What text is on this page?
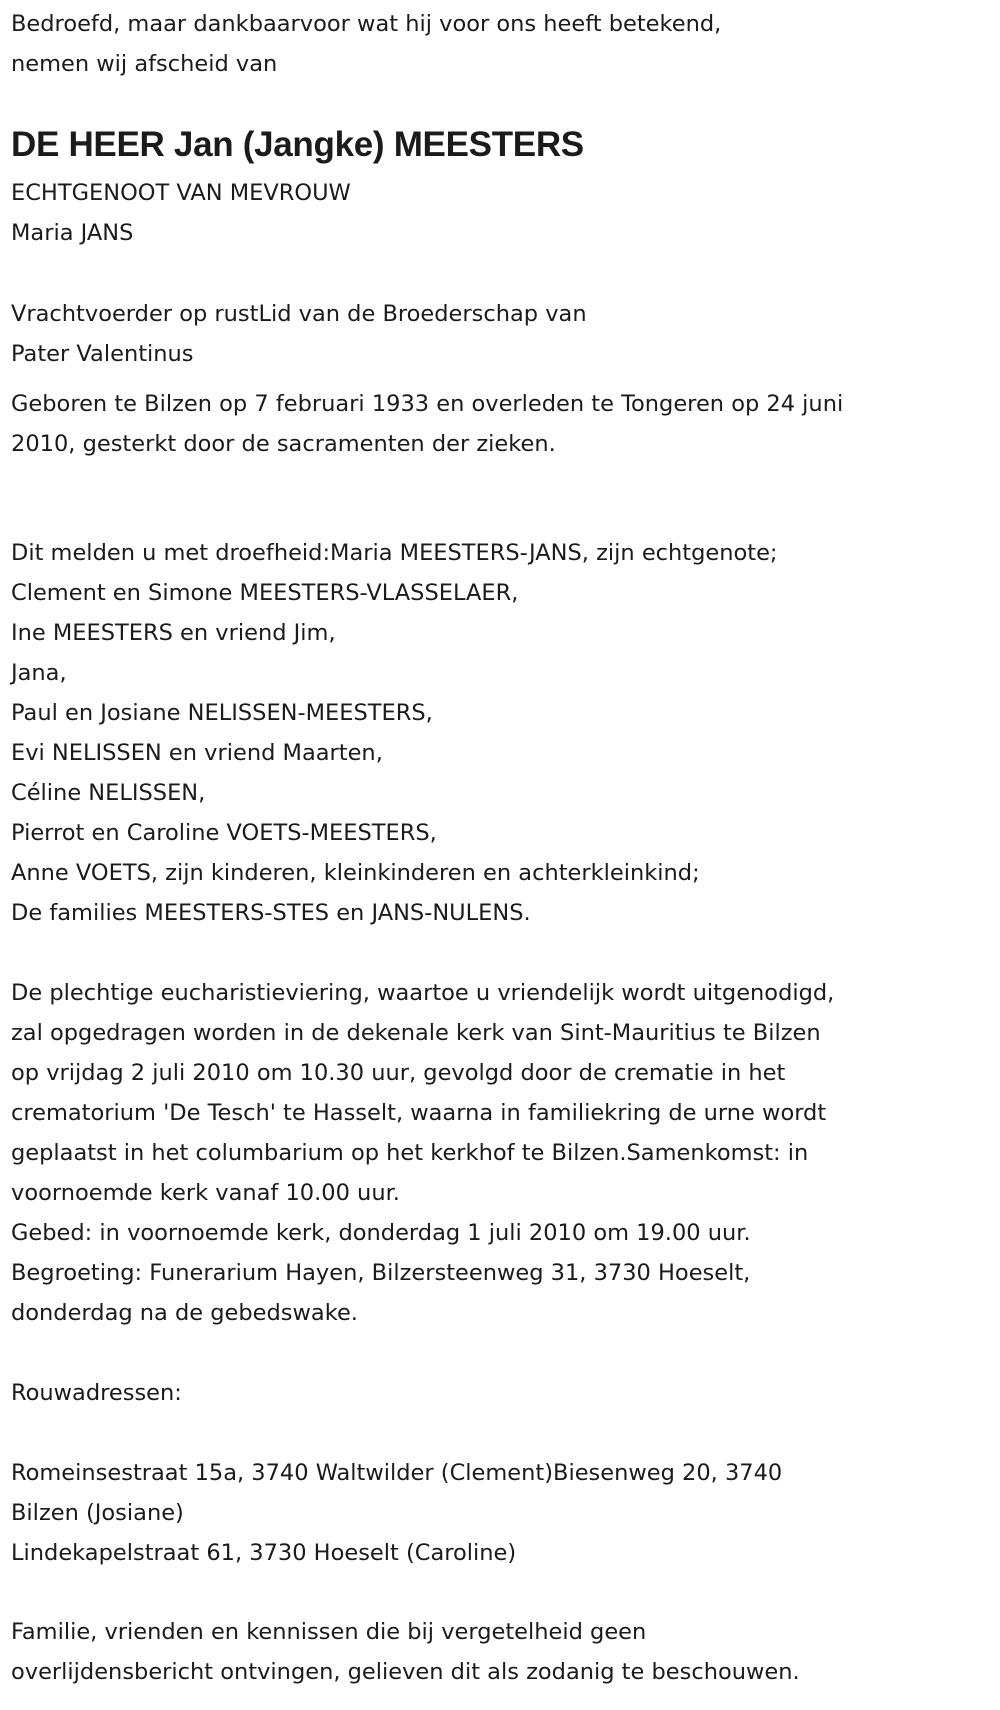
Bedroefd, maar dankbaarvoor wat hij voor ons heeft betekend,
nemen wij afscheid van
DE HEER Jan (Jangke) MEESTERS
ECHTGENOOT VAN MEVROUW
Maria JANS
Vrachtvoerder op rustLid van de Broederschap van
Pater Valentinus
Geboren te Bilzen op 7 februari 1933 en overleden te Tongeren op 24 juni
2010, gesterkt door de sacramenten der zieken.
Dit melden u met droefheid:Maria MEESTERS-JANS, zijn echtgenote;
Clement en Simone MEESTERS-VLASSELAER,
Ine MEESTERS en vriend Jim,
Jana,
Paul en Josiane NELISSEN-MEESTERS,
Evi NELISSEN en vriend Maarten,
Céline NELISSEN,
Pierrot en Caroline VOETS-MEESTERS,
Anne VOETS, zijn kinderen, kleinkinderen en achterkleinkind;
De families MEESTERS-STES en JANS-NULENS.
De plechtige eucharistieviering, waartoe u vriendelijk wordt uitgenodigd,
zal opgedragen worden in de dekenale kerk van Sint-Mauritius te Bilzen
op vrijdag 2 juli 2010 om 10.30 uur, gevolgd door de crematie in het
crematorium 'De Tesch' te Hasselt, waarna in familiekring de urne wordt
geplaatst in het columbarium op het kerkhof te Bilzen.Samenkomst: in
voornoemde kerk vanaf 10.00 uur.
Gebed: in voornoemde kerk, donderdag 1 juli 2010 om 19.00 uur.
Begroeting: Funerarium Hayen, Bilzersteenweg 31, 3730 Hoeselt,
donderdag na de gebedswake.
Rouwadressen:
Romeinsestraat 15a, 3740 Waltwilder (Clement)Biesenweg 20, 3740
Bilzen (Josiane)
Lindekapelstraat 61, 3730 Hoeselt (Caroline)
Familie, vrienden en kennissen die bij vergetelheid geen
overlijdensbericht ontvingen, gelieven dit als zodanig te beschouwen.
